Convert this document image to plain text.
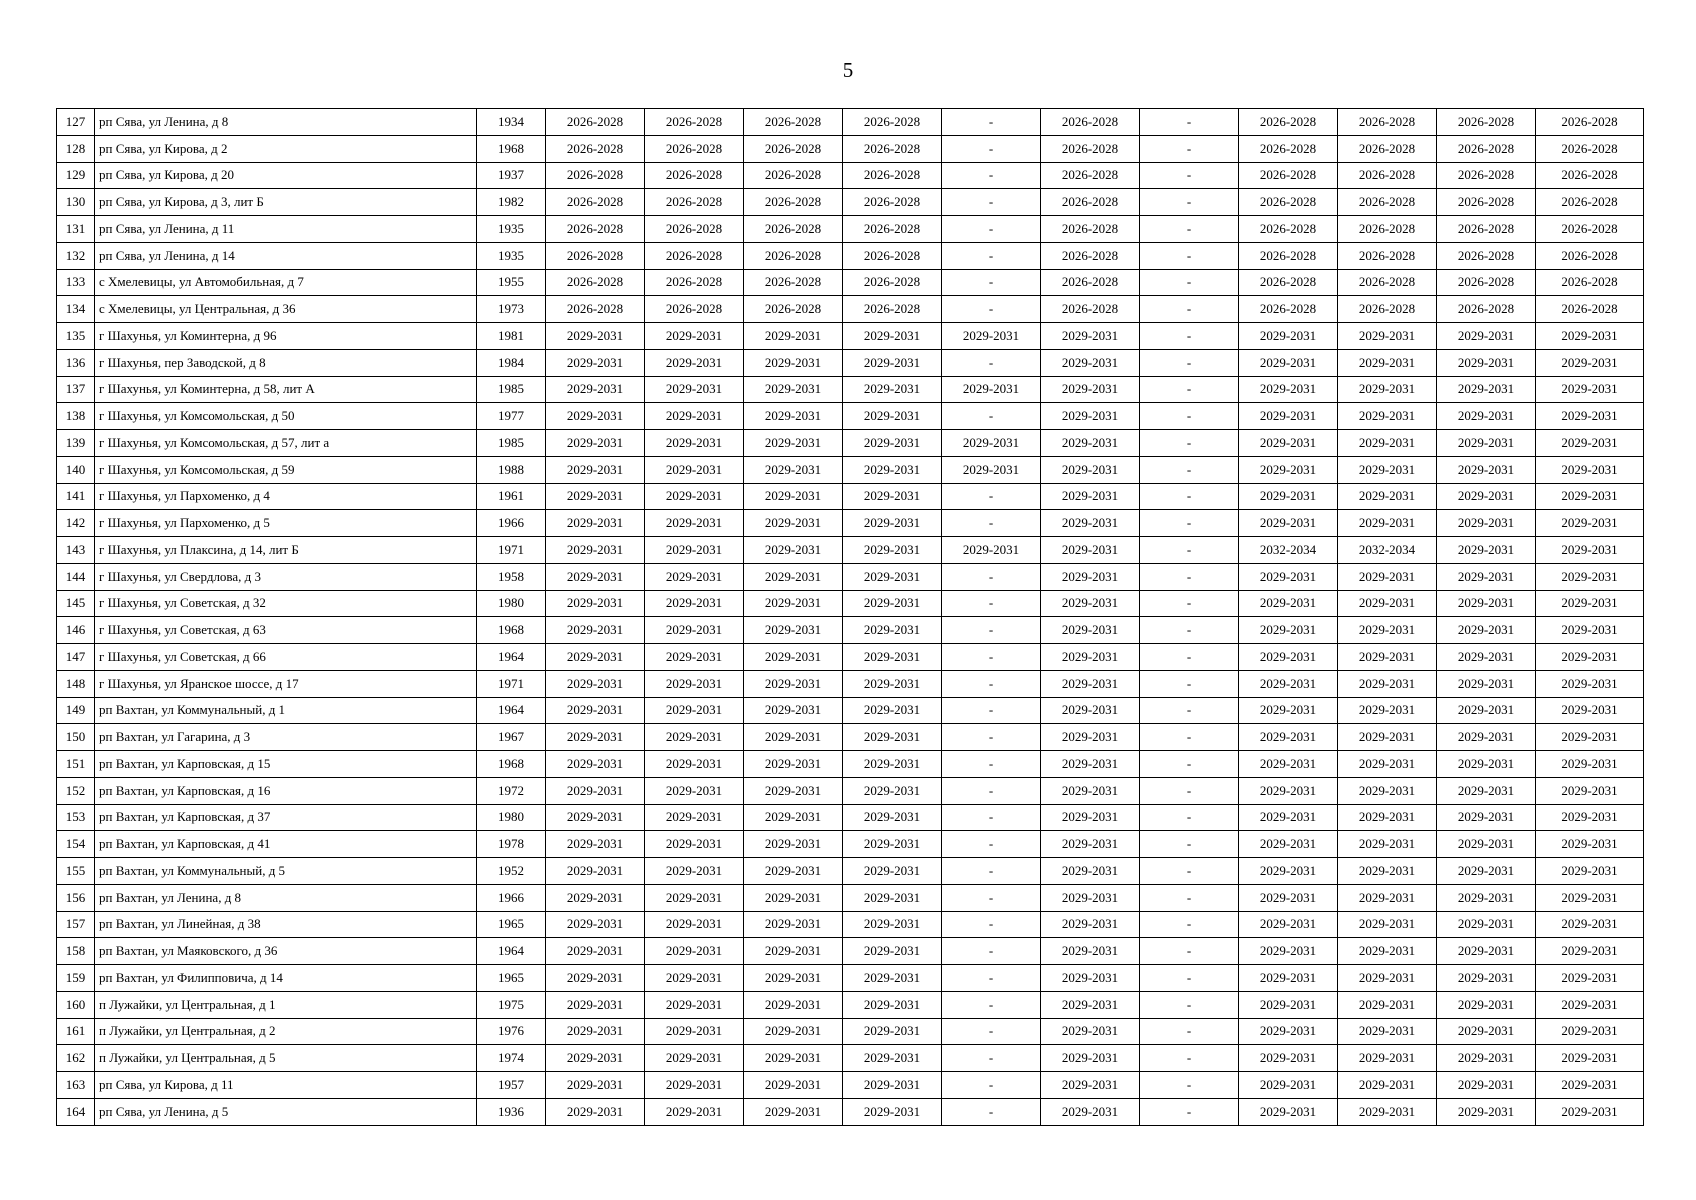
5
127	рп Сява, ул Ленина, д 8	1934	2026-2028	2026-2028	2026-2028	2026-2028	-	2026-2028	-	2026-2028	2026-2028	2026-2028	2026-2028
128	рп Сява, ул Кирова, д 2	1968	2026-2028	2026-2028	2026-2028	2026-2028	-	2026-2028	-	2026-2028	2026-2028	2026-2028	2026-2028
129	рп Сява, ул Кирова, д 20	1937	2026-2028	2026-2028	2026-2028	2026-2028	-	2026-2028	-	2026-2028	2026-2028	2026-2028	2026-2028
130	рп Сява, ул Кирова, д 3, лит Б	1982	2026-2028	2026-2028	2026-2028	2026-2028	-	2026-2028	-	2026-2028	2026-2028	2026-2028	2026-2028
131	рп Сява, ул Ленина, д 11	1935	2026-2028	2026-2028	2026-2028	2026-2028	-	2026-2028	-	2026-2028	2026-2028	2026-2028	2026-2028
132	рп Сява, ул Ленина, д 14	1935	2026-2028	2026-2028	2026-2028	2026-2028	-	2026-2028	-	2026-2028	2026-2028	2026-2028	2026-2028
133	с Хмелевицы, ул Автомобильная, д 7	1955	2026-2028	2026-2028	2026-2028	2026-2028	-	2026-2028	-	2026-2028	2026-2028	2026-2028	2026-2028
134	с Хмелевицы, ул Центральная, д 36	1973	2026-2028	2026-2028	2026-2028	2026-2028	-	2026-2028	-	2026-2028	2026-2028	2026-2028	2026-2028
135	г Шахунья, ул Коминтерна, д 96	1981	2029-2031	2029-2031	2029-2031	2029-2031	2029-2031	2029-2031	-	2029-2031	2029-2031	2029-2031	2029-2031
136	г Шахунья, пер Заводской, д 8	1984	2029-2031	2029-2031	2029-2031	2029-2031	-	2029-2031	-	2029-2031	2029-2031	2029-2031	2029-2031
137	г Шахунья, ул Коминтерна, д 58, лит А	1985	2029-2031	2029-2031	2029-2031	2029-2031	2029-2031	2029-2031	-	2029-2031	2029-2031	2029-2031	2029-2031
138	г Шахунья, ул Комсомольская, д 50	1977	2029-2031	2029-2031	2029-2031	2029-2031	-	2029-2031	-	2029-2031	2029-2031	2029-2031	2029-2031
139	г Шахунья, ул Комсомольская, д 57, лит а	1985	2029-2031	2029-2031	2029-2031	2029-2031	2029-2031	2029-2031	-	2029-2031	2029-2031	2029-2031	2029-2031
140	г Шахунья, ул Комсомольская, д 59	1988	2029-2031	2029-2031	2029-2031	2029-2031	2029-2031	2029-2031	-	2029-2031	2029-2031	2029-2031	2029-2031
141	г Шахунья, ул Пархоменко, д 4	1961	2029-2031	2029-2031	2029-2031	2029-2031	-	2029-2031	-	2029-2031	2029-2031	2029-2031	2029-2031
142	г Шахунья, ул Пархоменко, д 5	1966	2029-2031	2029-2031	2029-2031	2029-2031	-	2029-2031	-	2029-2031	2029-2031	2029-2031	2029-2031
143	г Шахунья, ул Плаксина, д 14, лит Б	1971	2029-2031	2029-2031	2029-2031	2029-2031	2029-2031	2029-2031	-	2032-2034	2032-2034	2029-2031	2029-2031
144	г Шахунья, ул Свердлова, д 3	1958	2029-2031	2029-2031	2029-2031	2029-2031	-	2029-2031	-	2029-2031	2029-2031	2029-2031	2029-2031
145	г Шахунья, ул Советская, д 32	1980	2029-2031	2029-2031	2029-2031	2029-2031	-	2029-2031	-	2029-2031	2029-2031	2029-2031	2029-2031
146	г Шахунья, ул Советская, д 63	1968	2029-2031	2029-2031	2029-2031	2029-2031	-	2029-2031	-	2029-2031	2029-2031	2029-2031	2029-2031
147	г Шахунья, ул Советская, д 66	1964	2029-2031	2029-2031	2029-2031	2029-2031	-	2029-2031	-	2029-2031	2029-2031	2029-2031	2029-2031
148	г Шахунья, ул Яранское шоссе, д 17	1971	2029-2031	2029-2031	2029-2031	2029-2031	-	2029-2031	-	2029-2031	2029-2031	2029-2031	2029-2031
149	рп Вахтан, ул Коммунальный, д 1	1964	2029-2031	2029-2031	2029-2031	2029-2031	-	2029-2031	-	2029-2031	2029-2031	2029-2031	2029-2031
150	рп Вахтан, ул Гагарина, д 3	1967	2029-2031	2029-2031	2029-2031	2029-2031	-	2029-2031	-	2029-2031	2029-2031	2029-2031	2029-2031
151	рп Вахтан, ул Карповская, д 15	1968	2029-2031	2029-2031	2029-2031	2029-2031	-	2029-2031	-	2029-2031	2029-2031	2029-2031	2029-2031
152	рп Вахтан, ул Карповская, д 16	1972	2029-2031	2029-2031	2029-2031	2029-2031	-	2029-2031	-	2029-2031	2029-2031	2029-2031	2029-2031
153	рп Вахтан, ул Карповская, д 37	1980	2029-2031	2029-2031	2029-2031	2029-2031	-	2029-2031	-	2029-2031	2029-2031	2029-2031	2029-2031
154	рп Вахтан, ул Карповская, д 41	1978	2029-2031	2029-2031	2029-2031	2029-2031	-	2029-2031	-	2029-2031	2029-2031	2029-2031	2029-2031
155	рп Вахтан, ул Коммунальный, д 5	1952	2029-2031	2029-2031	2029-2031	2029-2031	-	2029-2031	-	2029-2031	2029-2031	2029-2031	2029-2031
156	рп Вахтан, ул Ленина, д 8	1966	2029-2031	2029-2031	2029-2031	2029-2031	-	2029-2031	-	2029-2031	2029-2031	2029-2031	2029-2031
157	рп Вахтан, ул Линейная, д 38	1965	2029-2031	2029-2031	2029-2031	2029-2031	-	2029-2031	-	2029-2031	2029-2031	2029-2031	2029-2031
158	рп Вахтан, ул Маяковского, д 36	1964	2029-2031	2029-2031	2029-2031	2029-2031	-	2029-2031	-	2029-2031	2029-2031	2029-2031	2029-2031
159	рп Вахтан, ул Филипповича, д 14	1965	2029-2031	2029-2031	2029-2031	2029-2031	-	2029-2031	-	2029-2031	2029-2031	2029-2031	2029-2031
160	п Лужайки, ул Центральная, д 1	1975	2029-2031	2029-2031	2029-2031	2029-2031	-	2029-2031	-	2029-2031	2029-2031	2029-2031	2029-2031
161	п Лужайки, ул Центральная, д 2	1976	2029-2031	2029-2031	2029-2031	2029-2031	-	2029-2031	-	2029-2031	2029-2031	2029-2031	2029-2031
162	п Лужайки, ул Центральная, д 5	1974	2029-2031	2029-2031	2029-2031	2029-2031	-	2029-2031	-	2029-2031	2029-2031	2029-2031	2029-2031
163	рп Сява, ул Кирова, д 11	1957	2029-2031	2029-2031	2029-2031	2029-2031	-	2029-2031	-	2029-2031	2029-2031	2029-2031	2029-2031
164	рп Сява, ул Ленина, д 5	1936	2029-2031	2029-2031	2029-2031	2029-2031	-	2029-2031	-	2029-2031	2029-2031	2029-2031	2029-2031
